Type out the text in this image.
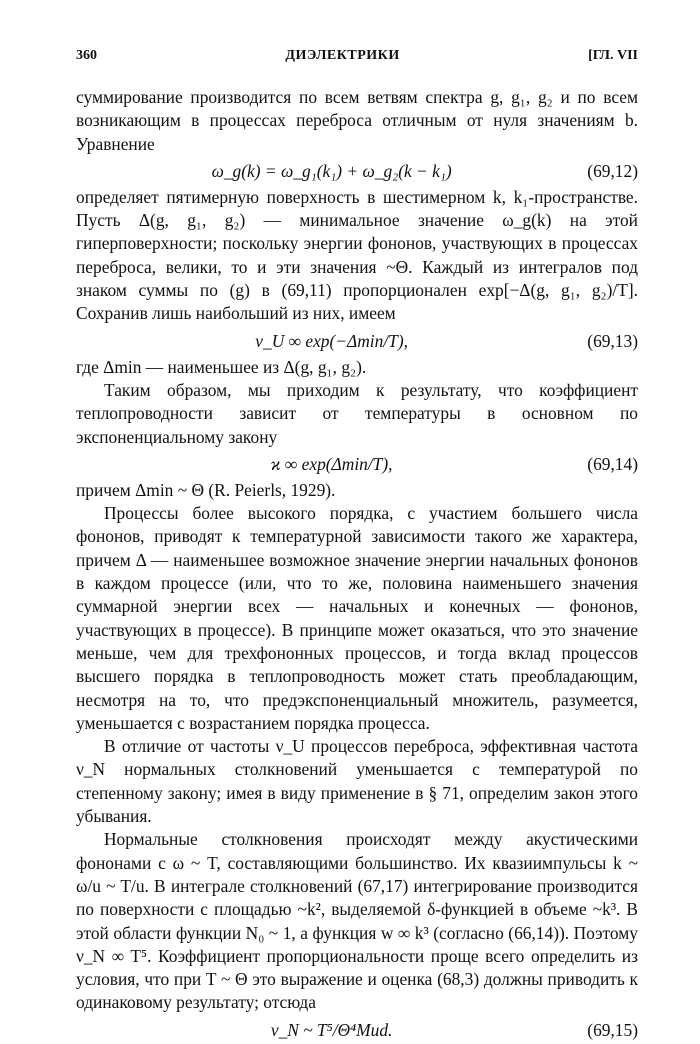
360	ДИЭЛЕКТРИКИ	[ГЛ. VII

суммирование производится по всем ветвям спектра g, g₁, g₂ и по всем возникающим в процессах переброса отличным от нуля значениям b. Уравнение

ω_g(k) = ω_g₁(k₁) + ω_g₂(k − k₁)	(69,12)

определяет пятимерную поверхность в шестимерном k, k₁-пространстве. Пусть Δ(g, g₁, g₂) — минимальное значение ω_g(k) на этой гиперповерхности; поскольку энергии фононов, участвующих в процессах переброса, велики, то и эти значения ~Θ. Каждый из интегралов под знаком суммы по (g) в (69,11) пропорционален exp[−Δ(g, g₁, g₂)/T]. Сохранив лишь наибольший из них, имеем

ν_U ∞ exp(−Δmin/T),	(69,13)

где Δmin — наименьшее из Δ(g, g₁, g₂).

Таким образом, мы приходим к результату, что коэффициент теплопроводности зависит от температуры в основном по экспоненциальному закону

ϰ ∞ exp(Δmin/T),	(69,14)

причем Δmin ~ Θ (R. Peierls, 1929).

Процессы более высокого порядка, с участием большего числа фононов, приводят к температурной зависимости такого же характера, причем Δ — наименьшее возможное значение энергии начальных фононов в каждом процессе (или, что то же, половина наименьшего значения суммарной энергии всех — начальных и конечных — фононов, участвующих в процессе). В принципе может оказаться, что это значение меньше, чем для трехфононных процессов, и тогда вклад процессов высшего порядка в теплопроводность может стать преобладающим, несмотря на то, что предэкспоненциальный множитель, разумеется, уменьшается с возрастанием порядка процесса.

В отличие от частоты ν_U процессов переброса, эффективная частота ν_N нормальных столкновений уменьшается с температурой по степенному закону; имея в виду применение в § 71, определим закон этого убывания.

Нормальные столкновения происходят между акустическими фононами с ω ~ T, составляющими большинство. Их квазиимпульсы k ~ ω/u ~ T/u. В интеграле столкновений (67,17) интегрирование производится по поверхности с площадью ~k², выделяемой δ-функцией в объеме ~k³. В этой области функции N₀ ~ 1, а функция w ∞ k³ (согласно (66,14)). Поэтому ν_N ∞ T⁵. Коэффициент пропорциональности проще всего определить из условия, что при T ~ Θ это выражение и оценка (68,3) должны приводить к одинаковому результату; отсюда

ν_N ~ T⁵/Θ⁴Mud.	(69,15)
